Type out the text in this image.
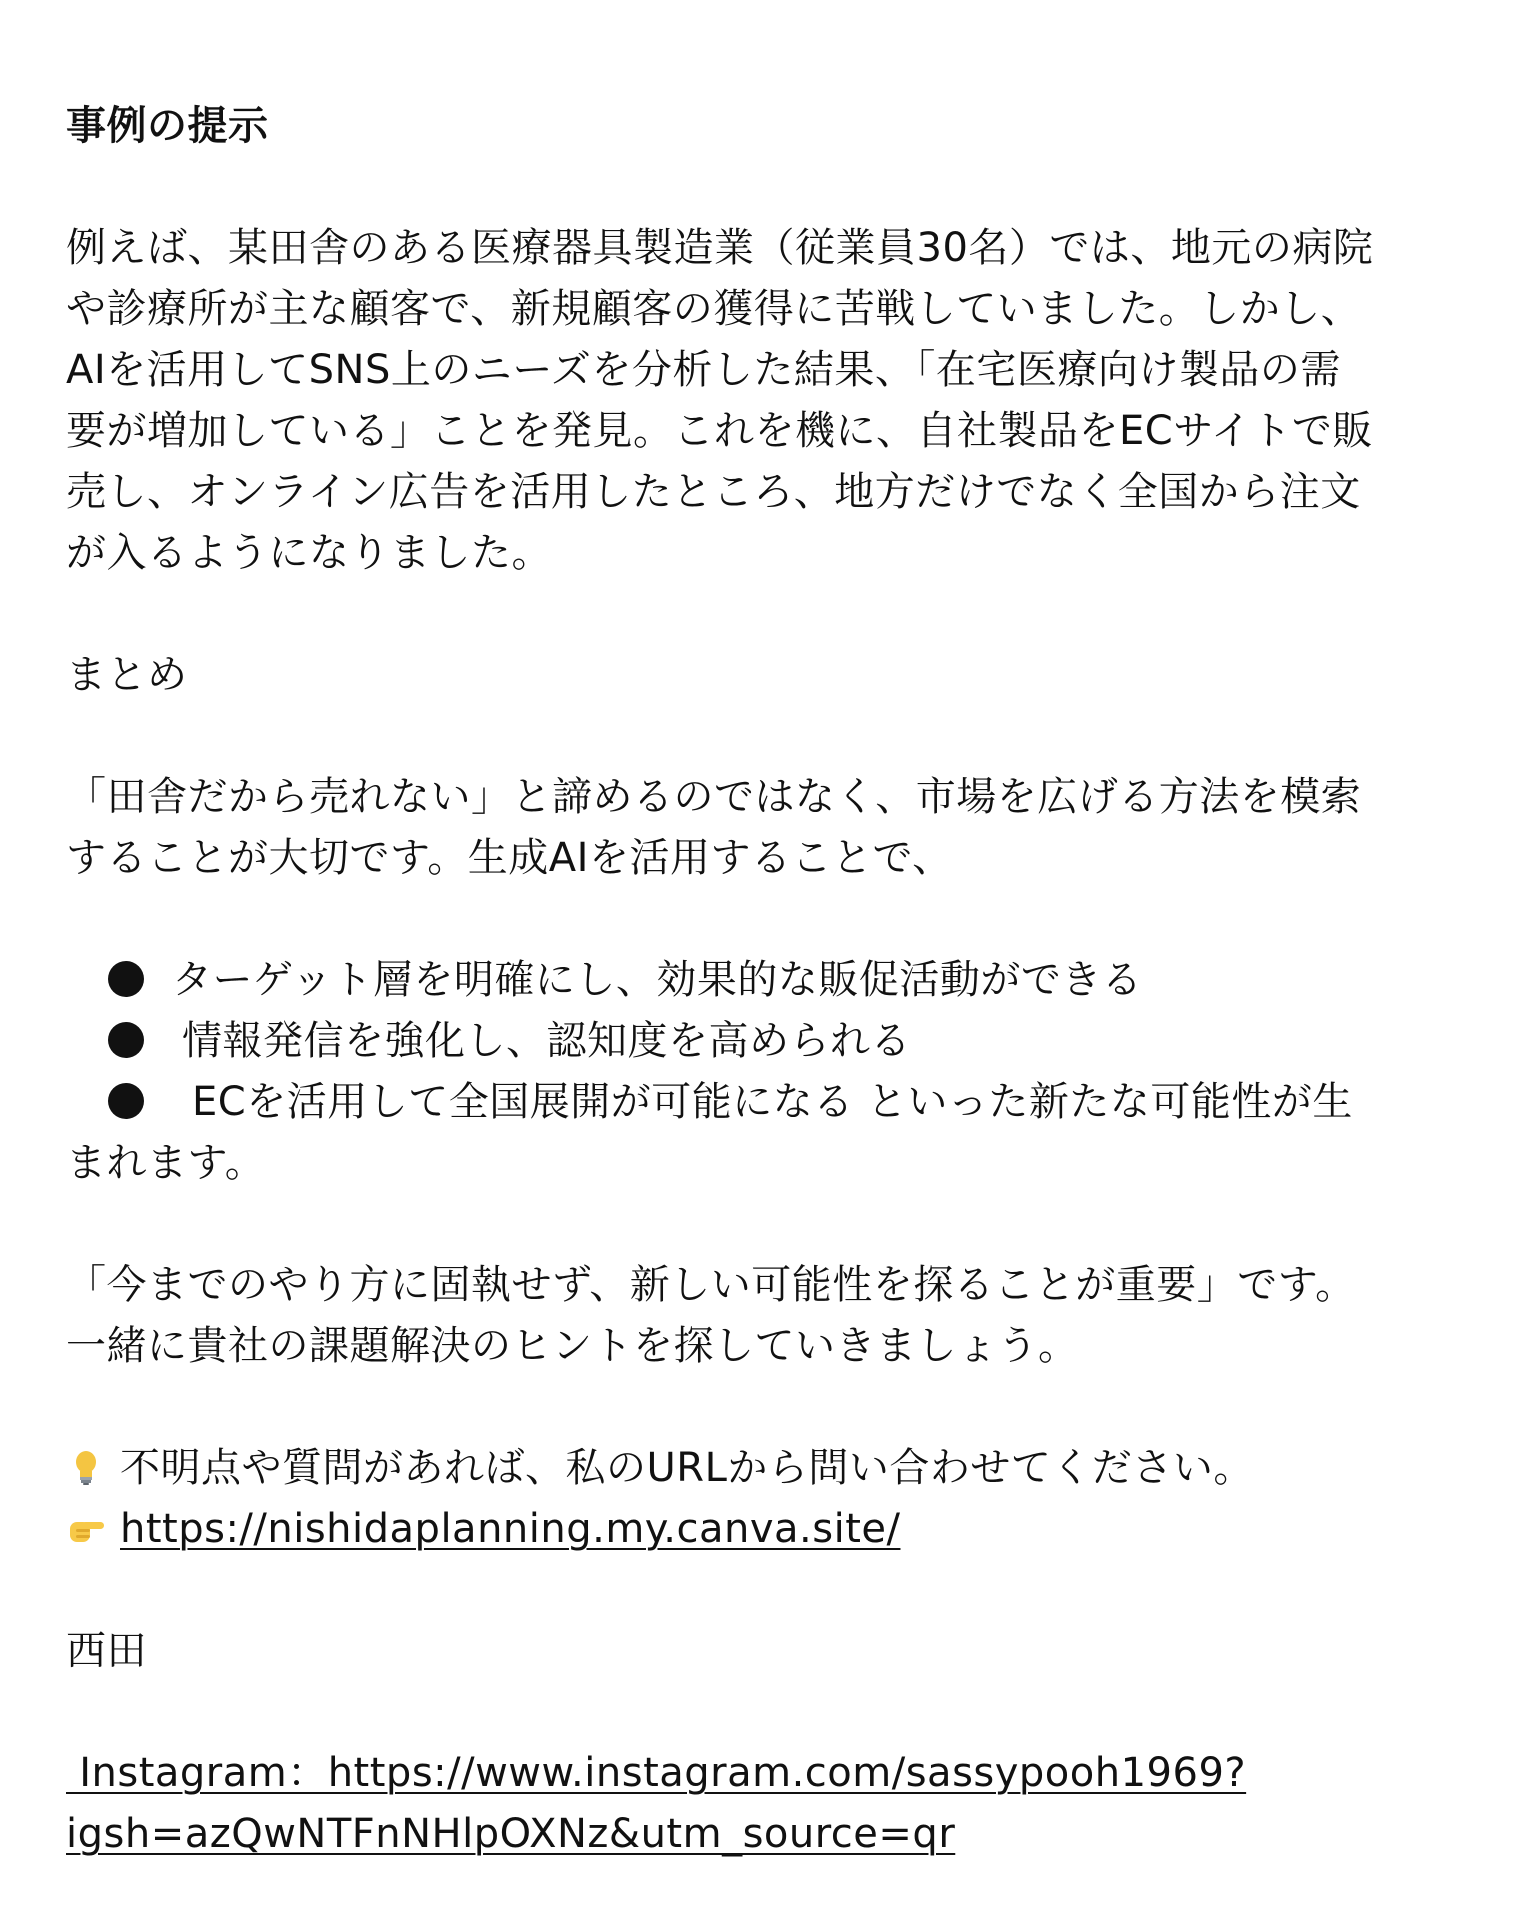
事例の提示
例えば、某田舎のある医療器具製造業（従業員30名）では、地元の病院
や診療所が主な顧客で、新規顧客の獲得に苦戦していました。しかし、
AIを活用してSNS上のニーズを分析した結果、「在宅医療向け製品の需
要が増加している」ことを発見。これを機に、自社製品をECサイトで販
売し、オンライン広告を活用したところ、地方だけでなく全国から注文
が入るようになりました。
まとめ
「田舎だから売れない」と諦めるのではなく、市場を広げる方法を模索
することが大切です。生成AIを活用することで、
ターゲット層を明確にし、効果的な販促活動ができる
情報発信を強化し、認知度を高められる
ECを活用して全国展開が可能になる といった新たな可能性が生
まれます。
「今までのやり方に固執せず、新しい可能性を探ることが重要」です。
一緒に貴社の課題解決のヒントを探していきましょう。
不明点や質問があれば、私のURLから問い合わせてください。
https://nishidaplanning.my.canva.site/
西田
Instagram：https://www.instagram.com/sassypooh1969?
igsh=azQwNTFnNHlpOXNz&utm_source=qr
